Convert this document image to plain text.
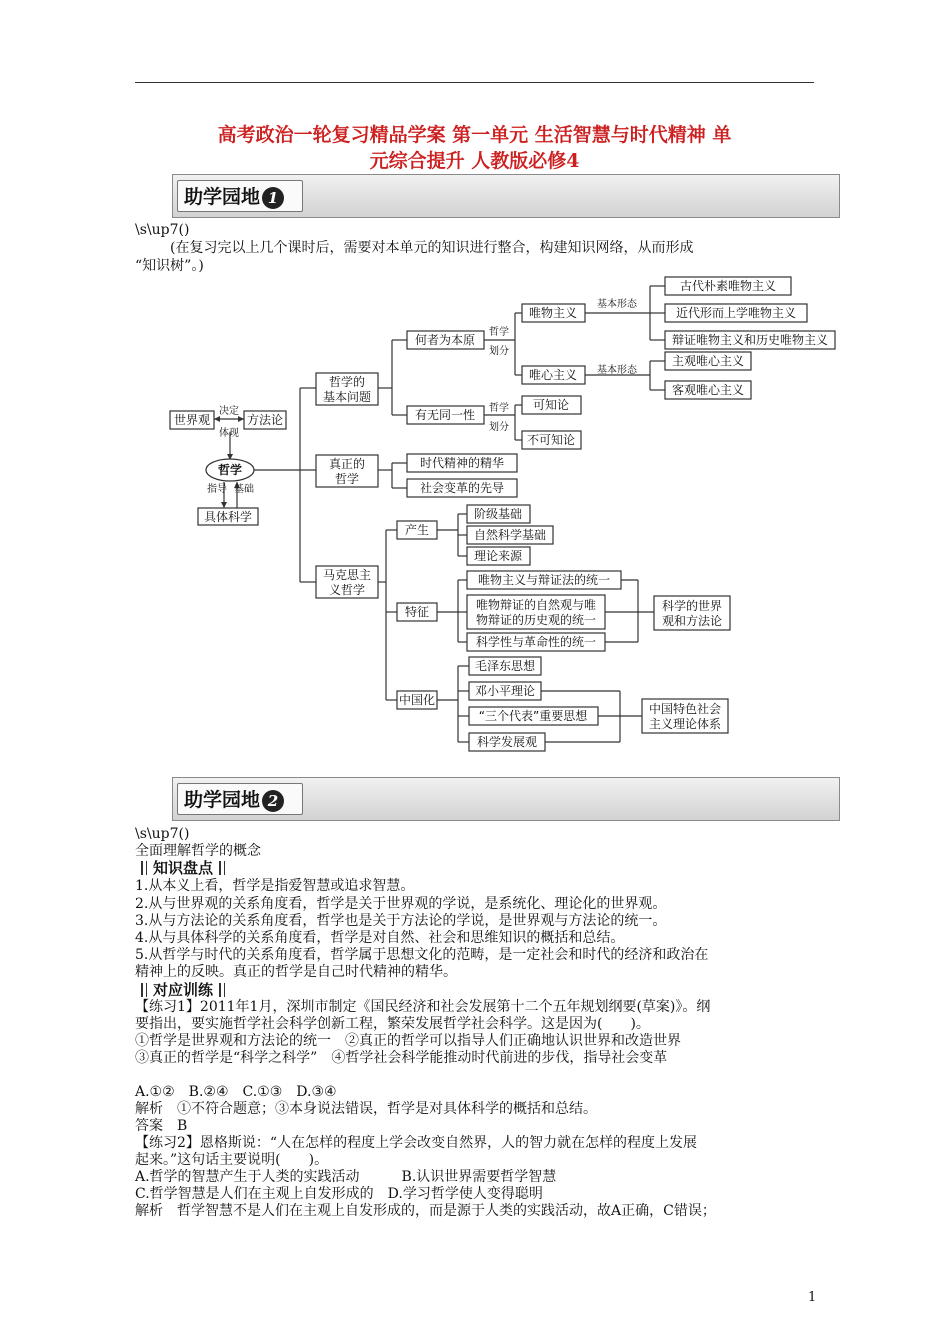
高考政治一轮复习精品学案 第一单元 生活智慧与时代精神 单
元综合提升 人教版必修4
助学园地 1
\s\up7()
(在复习完以上几个课时后，需要对本单元的知识进行整合，构建知识网络，从而形成
“知识树”。)
世界观	方法论
决定
体现
哲学
指导 基础
具体科学
哲学的
基本问题
真正的
哲学
马克思主
义哲学
何者为本原
有无同一性
哲学
划分
哲学
划分
唯物主义
唯心主义
基本形态
基本形态
古代朴素唯物主义
近代形而上学唯物主义
辩证唯物主义和历史唯物主义
主观唯心主义
客观唯心主义
可知论
不可知论
时代精神的精华
社会变革的先导
产生
阶级基础
自然科学基础
理论来源
特征
唯物主义与辩证法的统一
唯物辩证的自然观与唯
物辩证的历史观的统一
科学性与革命性的统一
科学的世界
观和方法论
中国化
毛泽东思想
邓小平理论
“三个代表”重要思想
科学发展观
中国特色社会
主义理论体系
助学园地 2
\s\up7()
全面理解哲学的概念
知识盘点
1.从本义上看，哲学是指爱智慧或追求智慧。
2.从与世界观的关系角度看，哲学是关于世界观的学说，是系统化、理论化的世界观。
3.从与方法论的关系角度看，哲学也是关于方法论的学说，是世界观与方法论的统一。
4.从与具体科学的关系角度看，哲学是对自然、社会和思维知识的概括和总结。
5.从哲学与时代的关系角度看，哲学属于思想文化的范畴，是一定社会和时代的经济和政治在
精神上的反映。真正的哲学是自己时代精神的精华。
对应训练
【练习1】2011年1月，深圳市制定《国民经济和社会发展第十二个五年规划纲要(草案)》。纲
要指出，要实施哲学社会科学创新工程，繁荣发展哲学社会科学。这是因为(　　)。
①哲学是世界观和方法论的统一　②真正的哲学可以指导人们正确地认识世界和改造世界
③真正的哲学是“科学之科学”　④哲学社会科学能推动时代前进的步伐，指导社会变革
A.①②　B.②④　C.①③　D.③④
解析　①不符合题意；③本身说法错误，哲学是对具体科学的概括和总结。
答案　B
【练习2】恩格斯说：“人在怎样的程度上学会改变自然界，人的智力就在怎样的程度上发展
起来。”这句话主要说明(　　)。
A.哲学的智慧产生于人类的实践活动　　　B.认识世界需要哲学智慧
C.哲学智慧是人们在主观上自发形成的　D.学习哲学使人变得聪明
解析　哲学智慧不是人们在主观上自发形成的，而是源于人类的实践活动，故A正确，C错误；
1
